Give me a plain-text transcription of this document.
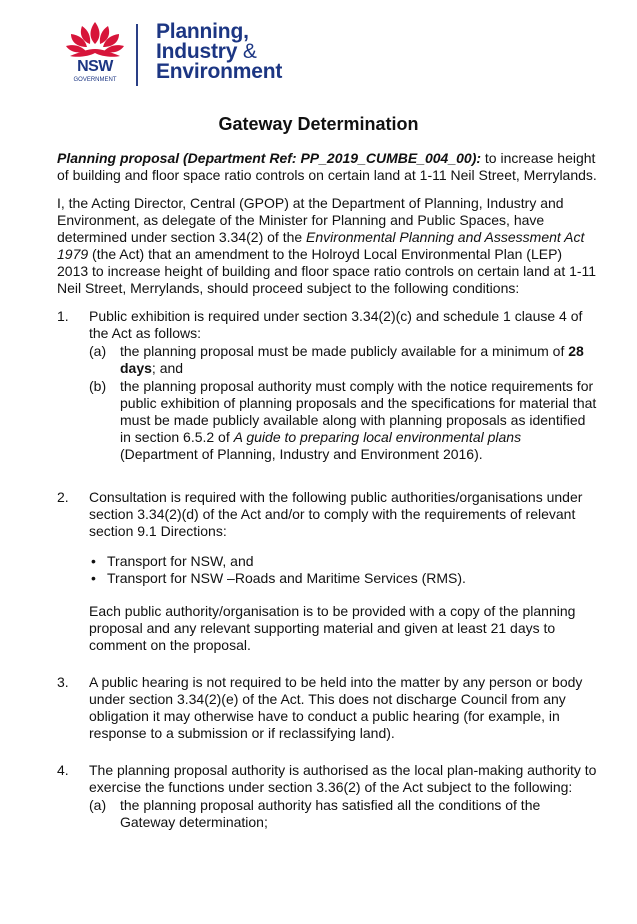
NSW
GOVERNMENT
Planning,
Industry &
Environment
Gateway Determination

Planning proposal (Department Ref: PP_2019_CUMBE_004_00): to increase height of building and floor space ratio controls on certain land at 1-11 Neil Street, Merrylands.

I, the Acting Director, Central (GPOP) at the Department of Planning, Industry and Environment, as delegate of the Minister for Planning and Public Spaces, have determined under section 3.34(2) of the Environmental Planning and Assessment Act 1979 (the Act) that an amendment to the Holroyd Local Environmental Plan (LEP) 2013 to increase height of building and floor space ratio controls on certain land at 1-11 Neil Street, Merrylands, should proceed subject to the following conditions:

1. Public exhibition is required under section 3.34(2)(c) and schedule 1 clause 4 of the Act as follows:
(a) the planning proposal must be made publicly available for a minimum of 28 days; and
(b) the planning proposal authority must comply with the notice requirements for public exhibition of planning proposals and the specifications for material that must be made publicly available along with planning proposals as identified in section 6.5.2 of A guide to preparing local environmental plans (Department of Planning, Industry and Environment 2016).
2. Consultation is required with the following public authorities/organisations under section 3.34(2)(d) of the Act and/or to comply with the requirements of relevant section 9.1 Directions:
• Transport for NSW, and
• Transport for NSW –Roads and Maritime Services (RMS).
Each public authority/organisation is to be provided with a copy of the planning proposal and any relevant supporting material and given at least 21 days to comment on the proposal.
3. A public hearing is not required to be held into the matter by any person or body under section 3.34(2)(e) of the Act. This does not discharge Council from any obligation it may otherwise have to conduct a public hearing (for example, in response to a submission or if reclassifying land).
4. The planning proposal authority is authorised as the local plan-making authority to exercise the functions under section 3.36(2) of the Act subject to the following:
(a) the planning proposal authority has satisfied all the conditions of the Gateway determination;
